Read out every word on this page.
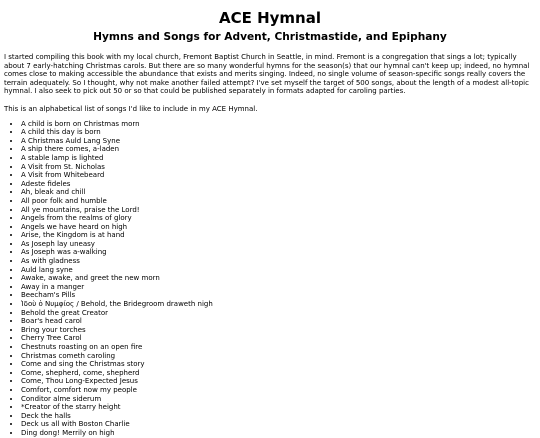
ACE Hymnal
Hymns and Songs for Advent, Christmastide, and Epiphany

I started compiling this book with my local church, Fremont Baptist Church in Seattle, in mind. Fremont is a congregation that sings a lot; typically about 7 early-hatching Christmas carols. But there are so many wonderful hymns for the season(s) that our hymnal can't keep up; indeed, no hymnal comes close to making accessible the abundance that exists and merits singing. Indeed, no single volume of season-specific songs really covers the terrain adequately. So I thought, why not make another failed attempt? I've set myself the target of 500 songs, about the length of a modest all-topic hymnal. I also seek to pick out 50 or so that could be published separately in formats adapted for caroling parties.

This is an alphabetical list of songs I'd like to include in my ACE Hymnal.

• A child is born on Christmas morn
• A child this day is born
• A Christmas Auld Lang Syne
• A ship there comes, a-laden
• A stable lamp is lighted
• A Visit from St. Nicholas
• A Visit from Whitebeard
• Adeste fideles
• Ah, bleak and chill
• All poor folk and humble
• All ye mountains, praise the Lord!
• Angels from the realms of glory
• Angels we have heard on high
• Arise, the Kingdom is at hand
• As Joseph lay uneasy
• As Joseph was a-walking
• As with gladness
• Auld lang syne
• Awake, awake, and greet the new morn
• Away in a manger
• Beecham's Pills
• Ἰδοὺ ὁ Νυμφίος / Behold, the Bridegroom draweth nigh
• Behold the great Creator
• Boar's head carol
• Bring your torches
• Cherry Tree Carol
• Chestnuts roasting on an open fire
• Christmas cometh caroling
• Come and sing the Christmas story
• Come, shepherd, come, shepherd
• Come, Thou Long-Expected Jesus
• Comfort, comfort now my people
• Conditor alme siderum
• *Creator of the starry height
• Deck the halls
• Deck us all with Boston Charlie
• Ding dong! Merrily on high
